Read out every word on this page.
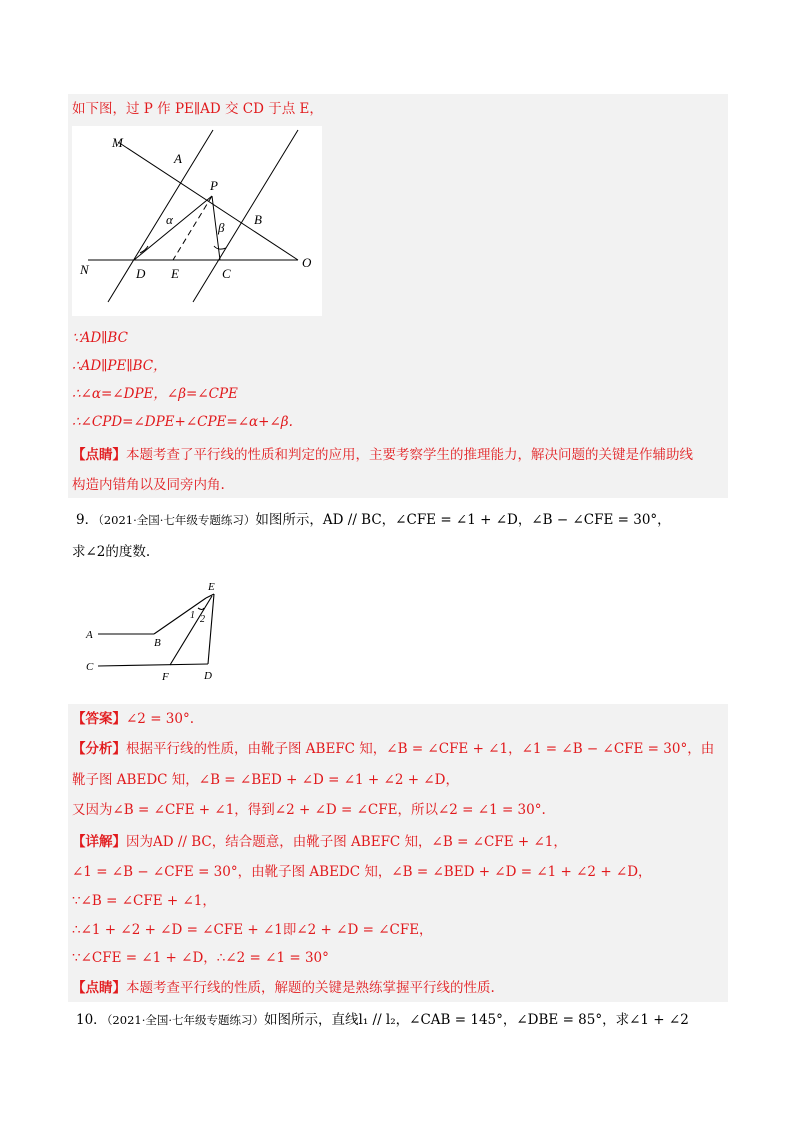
如下图，过 P 作 PE∥AD 交 CD 于点 E，
M
A
P
B
N	D E	C
O
α
β
∵AD∥BC
∴AD∥PE∥BC，
∴∠α=∠DPE，∠β=∠CPE
∴∠CPD=∠DPE+∠CPE=∠α+∠β.
【点睛】本题考查了平行线的性质和判定的应用，主要考察学生的推理能力，解决问题的关键是作辅助线
构造内错角以及同旁内角.
9．（2021·全国·七年级专题练习）如图所示，AD // BC，∠CFE = ∠1 + ∠D，∠B − ∠CFE = 30°，
求∠2的度数.
A
B
C
D
E
F
1 2
【答案】∠2 = 30°.
【分析】根据平行线的性质，由靴子图 ABEFC 知，∠B = ∠CFE + ∠1，∠1 = ∠B − ∠CFE = 30°，由
靴子图 ABEDC 知，∠B = ∠BED + ∠D = ∠1 + ∠2 + ∠D，
又因为∠B = ∠CFE + ∠1，得到∠2 + ∠D = ∠CFE，所以∠2 = ∠1 = 30°.
【详解】因为AD // BC，结合题意，由靴子图 ABEFC 知，∠B = ∠CFE + ∠1，
∠1 = ∠B − ∠CFE = 30°，由靴子图 ABEDC 知，∠B = ∠BED + ∠D = ∠1 + ∠2 + ∠D，
∵∠B = ∠CFE + ∠1，
∴∠1 + ∠2 + ∠D = ∠CFE + ∠1即∠2 + ∠D = ∠CFE，
∵∠CFE = ∠1 + ∠D，∴∠2 = ∠1 = 30°
【点睛】本题考查平行线的性质，解题的关键是熟练掌握平行线的性质.
10．（2021·全国·七年级专题练习）如图所示，直线l₁ // l₂，∠CAB = 145°，∠DBE = 85°，求∠1 + ∠2
